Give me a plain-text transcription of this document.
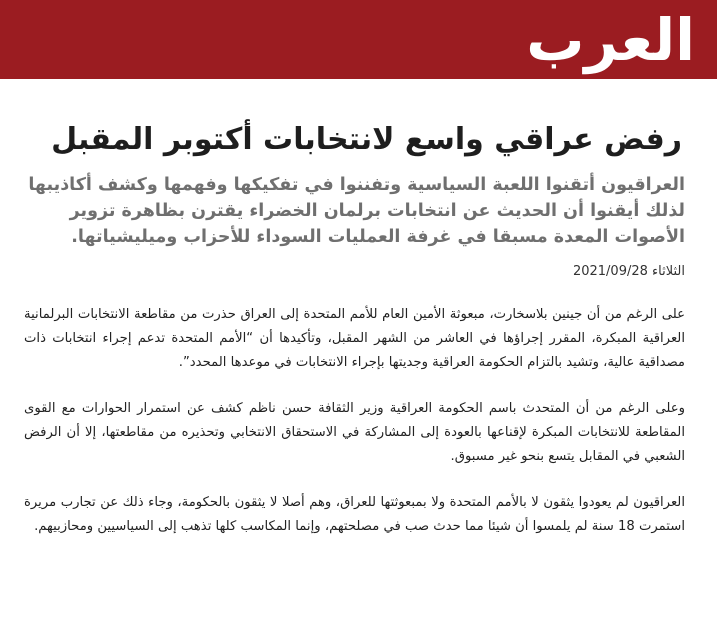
العرب
رفض عراقي واسع لانتخابات أكتوبر المقبل
العراقيون أتقنوا اللعبة السياسية وتفننوا في تفكيكها وفهمها وكشف أكاذيبها لذلك أيقنوا أن الحديث عن انتخابات برلمان الخضراء يقترن بظاهرة تزوير الأصوات المعدة مسبقا في غرفة العمليات السوداء للأحزاب وميليشياتها.
2021/09/28 الثلاثاء

على الرغم من أن جينين بلاسخارت، مبعوثة الأمين العام للأمم المتحدة إلى العراق حذرت من مقاطعة الانتخابات البرلمانية العراقية المبكرة، المقرر إجراؤها في العاشر من الشهر المقبل، وتأكيدها أن “الأمم المتحدة تدعم إجراء انتخابات ذات مصداقية عالية، وتشيد بالتزام الحكومة العراقية وجديتها بإجراء الانتخابات في موعدها المحدد”.

وعلى الرغم من أن المتحدث باسم الحكومة العراقية وزير الثقافة حسن ناظم كشف عن استمرار الحوارات مع القوى المقاطعة للانتخابات المبكرة لإقناعها بالعودة إلى المشاركة في الاستحقاق الانتخابي وتحذيره من مقاطعتها، إلا أن الرفض الشعبي في المقابل يتسع بنحو غير مسبوق.

العراقيون لم يعودوا يثقون لا بالأمم المتحدة ولا بمبعوثتها للعراق، وهم أصلا لا يثقون بالحكومة، وجاء ذلك عن تجارب مريرة استمرت 18 سنة لم يلمسوا أن شيئا مما حدث صب في مصلحتهم، وإنما المكاسب كلها تذهب إلى السياسيين ومحازبيهم.
